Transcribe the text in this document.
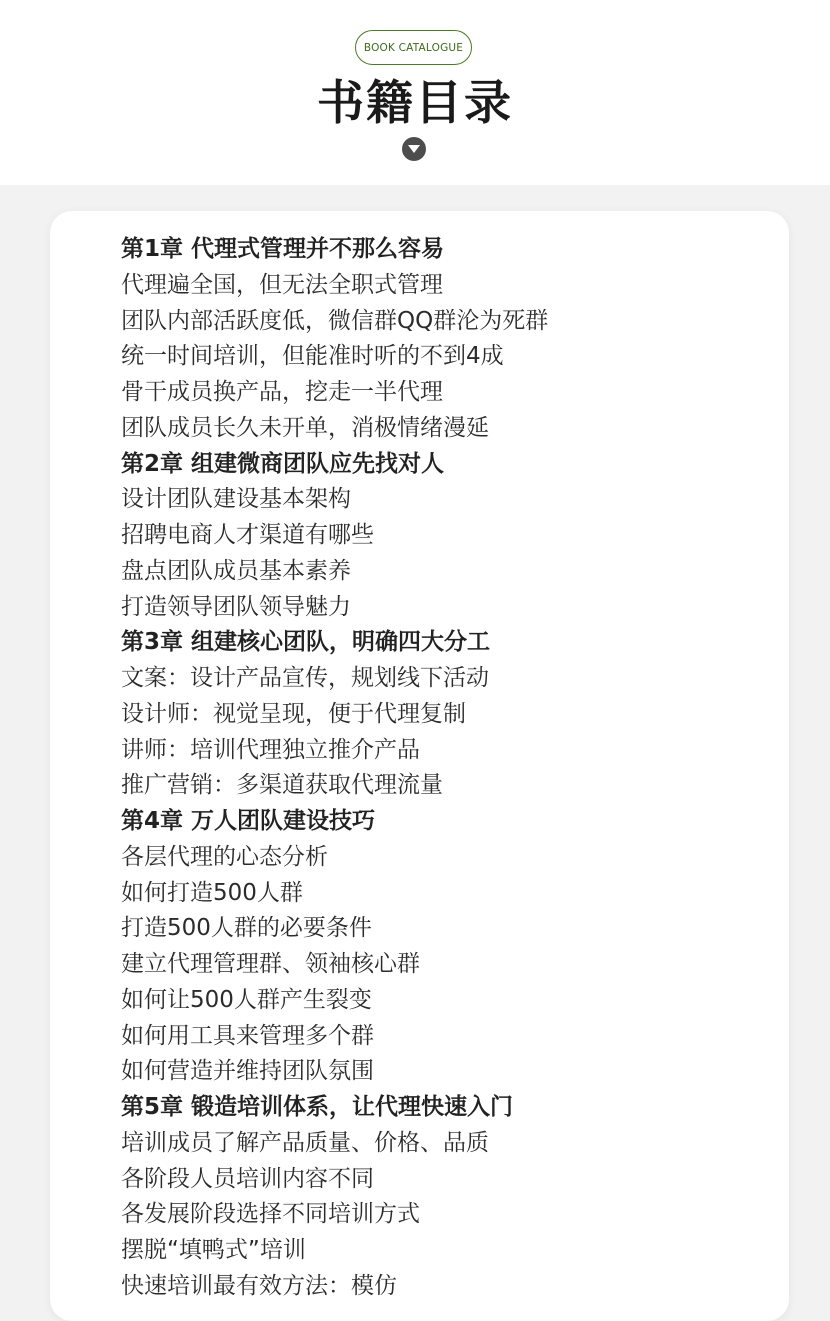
BOOK CATALOGUE
书籍目录
第1章 代理式管理并不那么容易
代理遍全国，但无法全职式管理
团队内部活跃度低，微信群QQ群沦为死群
统一时间培训，但能准时听的不到4成
骨干成员换产品，挖走一半代理
团队成员长久未开单，消极情绪漫延
第2章 组建微商团队应先找对人
设计团队建设基本架构
招聘电商人才渠道有哪些
盘点团队成员基本素养
打造领导团队领导魅力
第3章 组建核心团队，明确四大分工
文案：设计产品宣传，规划线下活动
设计师：视觉呈现，便于代理复制
讲师：培训代理独立推介产品
推广营销：多渠道获取代理流量
第4章 万人团队建设技巧
各层代理的心态分析
如何打造500人群
打造500人群的必要条件
建立代理管理群、领袖核心群
如何让500人群产生裂变
如何用工具来管理多个群
如何营造并维持团队氛围
第5章 锻造培训体系，让代理快速入门
培训成员了解产品质量、价格、品质
各阶段人员培训内容不同
各发展阶段选择不同培训方式
摆脱“填鸭式”培训
快速培训最有效方法：模仿
